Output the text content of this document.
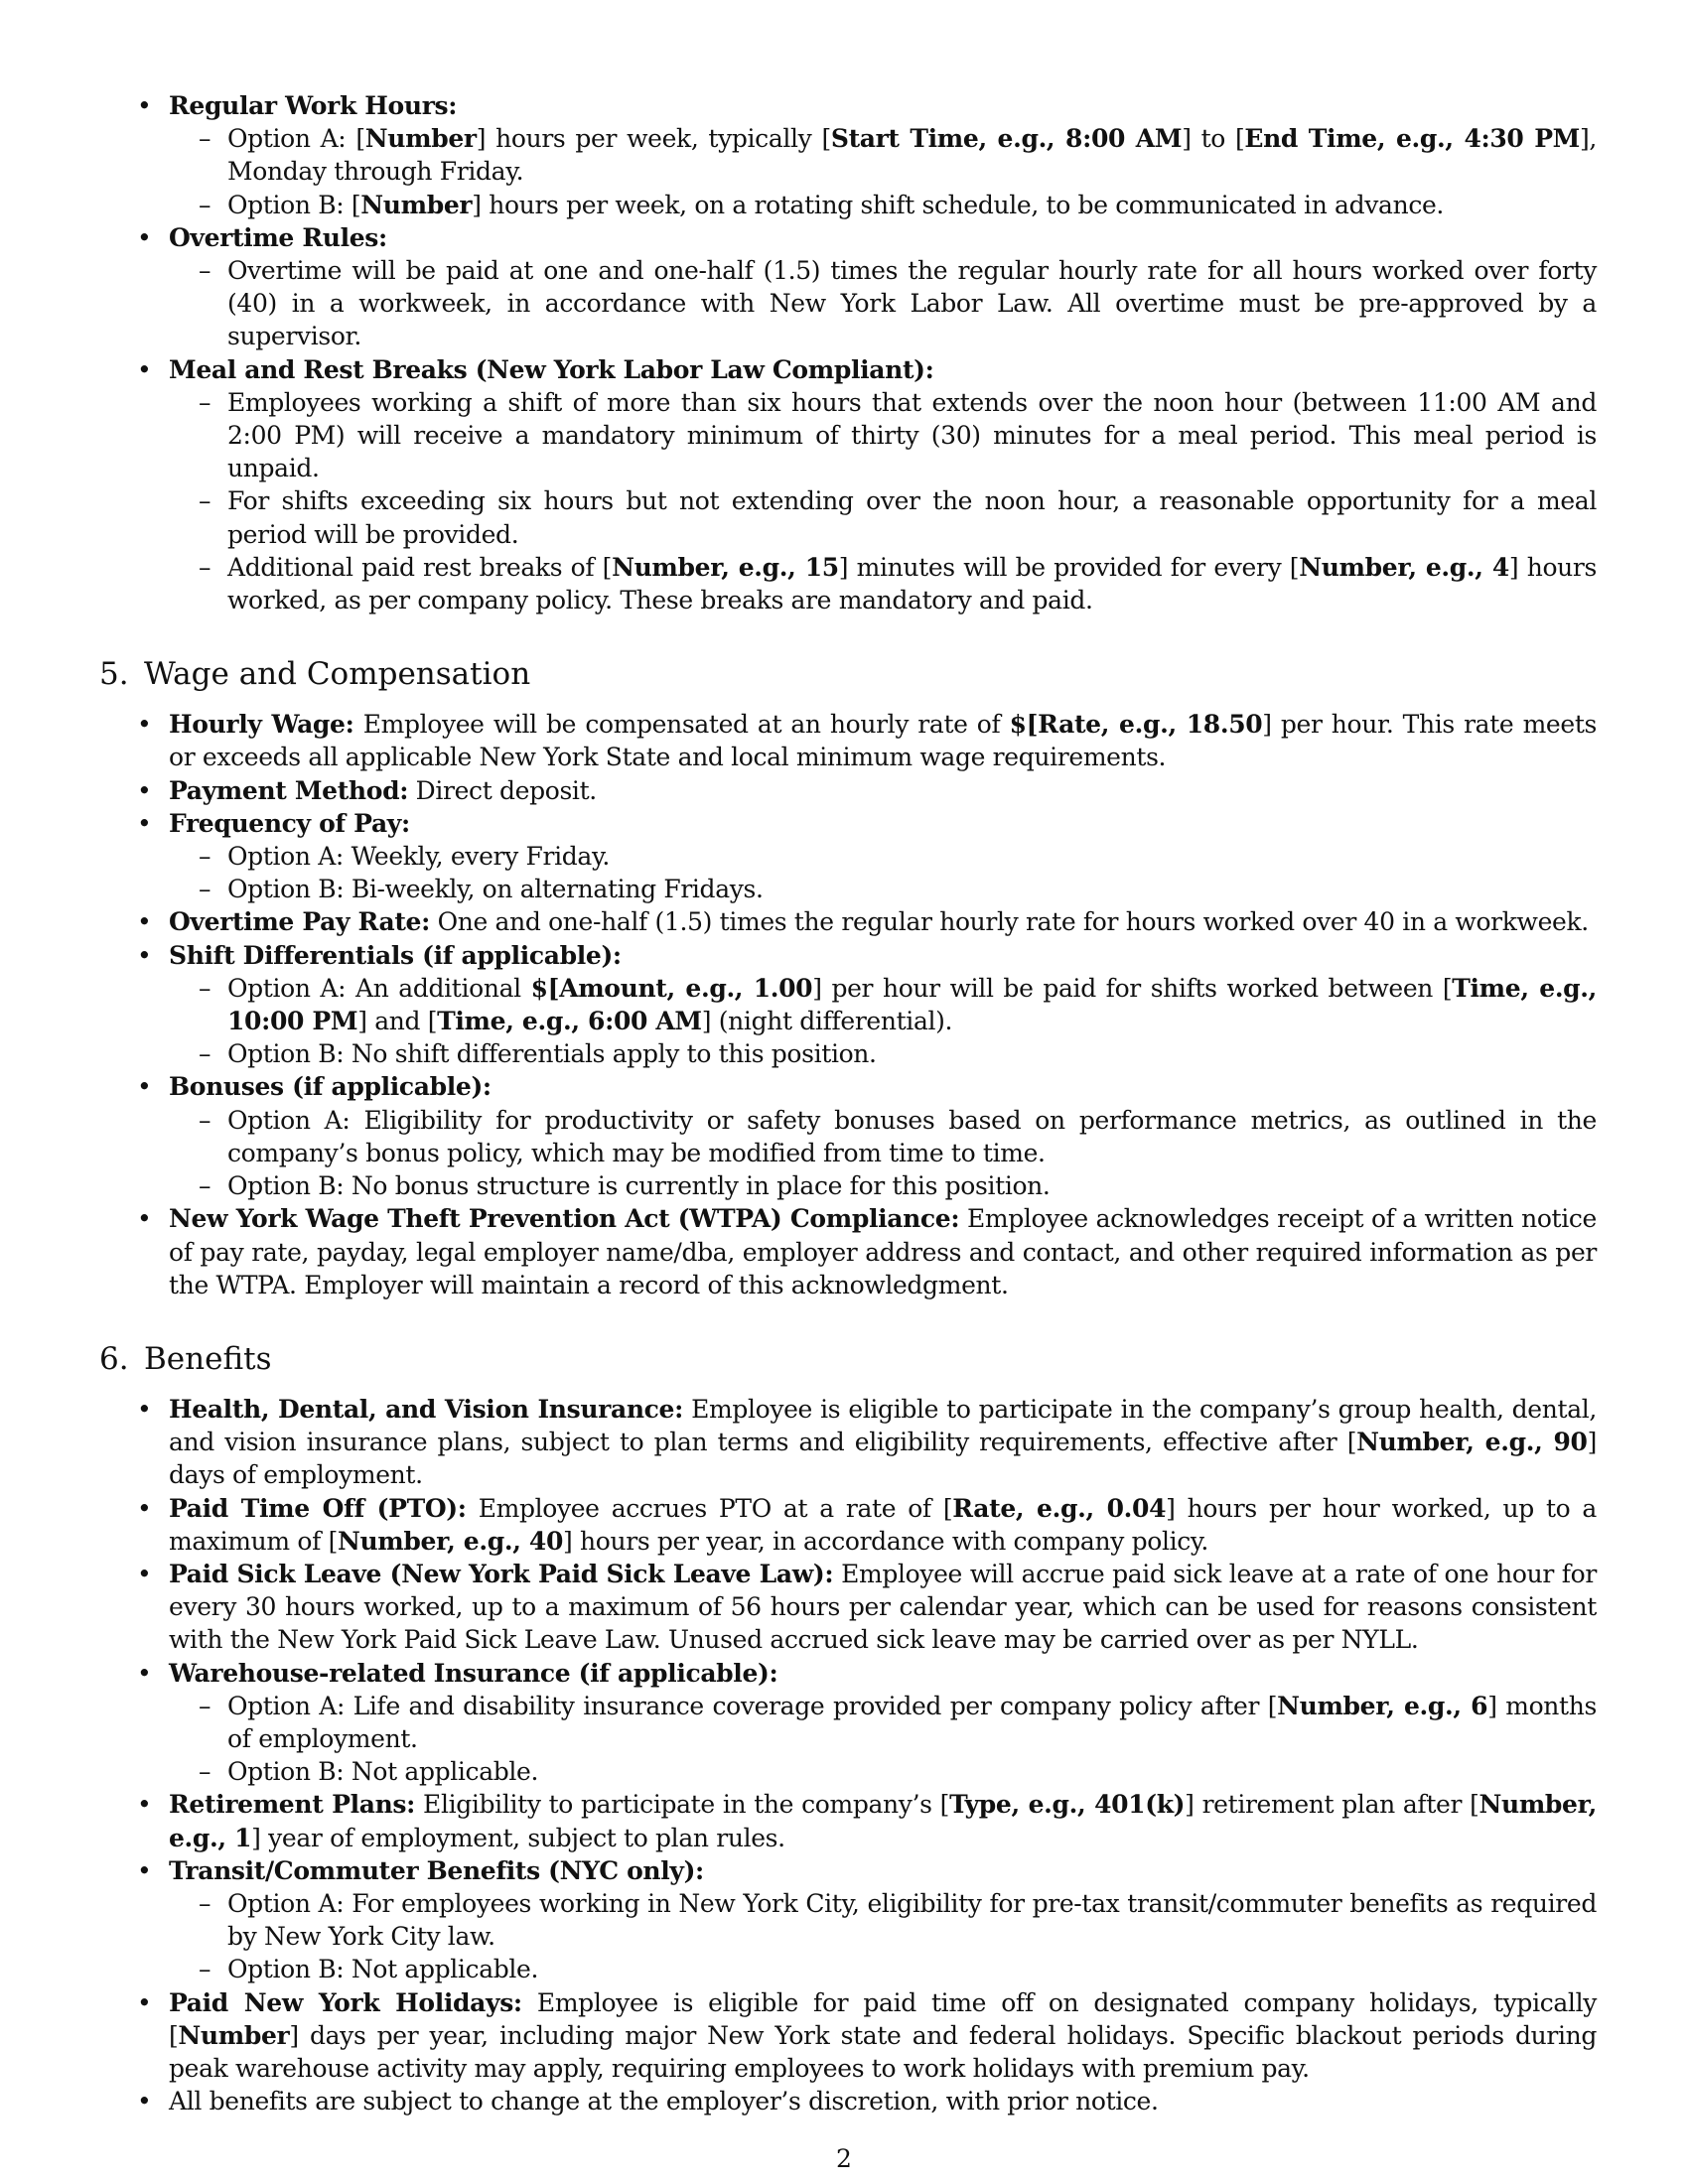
• Regular Work Hours:
– Option A: [Number] hours per week, typically [Start Time, e.g., 8:00 AM] to [End Time, e.g., 4:30 PM], Monday through Friday.
– Option B: [Number] hours per week, on a rotating shift schedule, to be communicated in advance.
• Overtime Rules:
– Overtime will be paid at one and one-half (1.5) times the regular hourly rate for all hours worked over forty (40) in a workweek, in accordance with New York Labor Law. All overtime must be pre-approved by a supervisor.
• Meal and Rest Breaks (New York Labor Law Compliant):
– Employees working a shift of more than six hours that extends over the noon hour (between 11:00 AM and 2:00 PM) will receive a mandatory minimum of thirty (30) minutes for a meal period. This meal period is unpaid.
– For shifts exceeding six hours but not extending over the noon hour, a reasonable opportunity for a meal period will be provided.
– Additional paid rest breaks of [Number, e.g., 15] minutes will be provided for every [Number, e.g., 4] hours worked, as per company policy. These breaks are mandatory and paid.
5. Wage and Compensation
• Hourly Wage: Employee will be compensated at an hourly rate of $[Rate, e.g., 18.50] per hour. This rate meets or exceeds all applicable New York State and local minimum wage requirements.
• Payment Method: Direct deposit.
• Frequency of Pay:
– Option A: Weekly, every Friday.
– Option B: Bi-weekly, on alternating Fridays.
• Overtime Pay Rate: One and one-half (1.5) times the regular hourly rate for hours worked over 40 in a workweek.
• Shift Differentials (if applicable):
– Option A: An additional $[Amount, e.g., 1.00] per hour will be paid for shifts worked between [Time, e.g., 10:00 PM] and [Time, e.g., 6:00 AM] (night differential).
– Option B: No shift differentials apply to this position.
• Bonuses (if applicable):
– Option A: Eligibility for productivity or safety bonuses based on performance metrics, as outlined in the company’s bonus policy, which may be modified from time to time.
– Option B: No bonus structure is currently in place for this position.
• New York Wage Theft Prevention Act (WTPA) Compliance: Employee acknowledges receipt of a written notice of pay rate, payday, legal employer name/dba, employer address and contact, and other required information as per the WTPA. Employer will maintain a record of this acknowledgment.
6. Benefits
• Health, Dental, and Vision Insurance: Employee is eligible to participate in the company’s group health, dental, and vision insurance plans, subject to plan terms and eligibility requirements, effective after [Number, e.g., 90] days of employment.
• Paid Time Off (PTO): Employee accrues PTO at a rate of [Rate, e.g., 0.04] hours per hour worked, up to a maximum of [Number, e.g., 40] hours per year, in accordance with company policy.
• Paid Sick Leave (New York Paid Sick Leave Law): Employee will accrue paid sick leave at a rate of one hour for every 30 hours worked, up to a maximum of 56 hours per calendar year, which can be used for reasons consistent with the New York Paid Sick Leave Law. Unused accrued sick leave may be carried over as per NYLL.
• Warehouse-related Insurance (if applicable):
– Option A: Life and disability insurance coverage provided per company policy after [Number, e.g., 6] months of employment.
– Option B: Not applicable.
• Retirement Plans: Eligibility to participate in the company’s [Type, e.g., 401(k)] retirement plan after [Number, e.g., 1] year of employment, subject to plan rules.
• Transit/Commuter Benefits (NYC only):
– Option A: For employees working in New York City, eligibility for pre-tax transit/commuter benefits as required by New York City law.
– Option B: Not applicable.
• Paid New York Holidays: Employee is eligible for paid time off on designated company holidays, typically [Number] days per year, including major New York state and federal holidays. Specific blackout periods during peak warehouse activity may apply, requiring employees to work holidays with premium pay.
• All benefits are subject to change at the employer’s discretion, with prior notice.
2
